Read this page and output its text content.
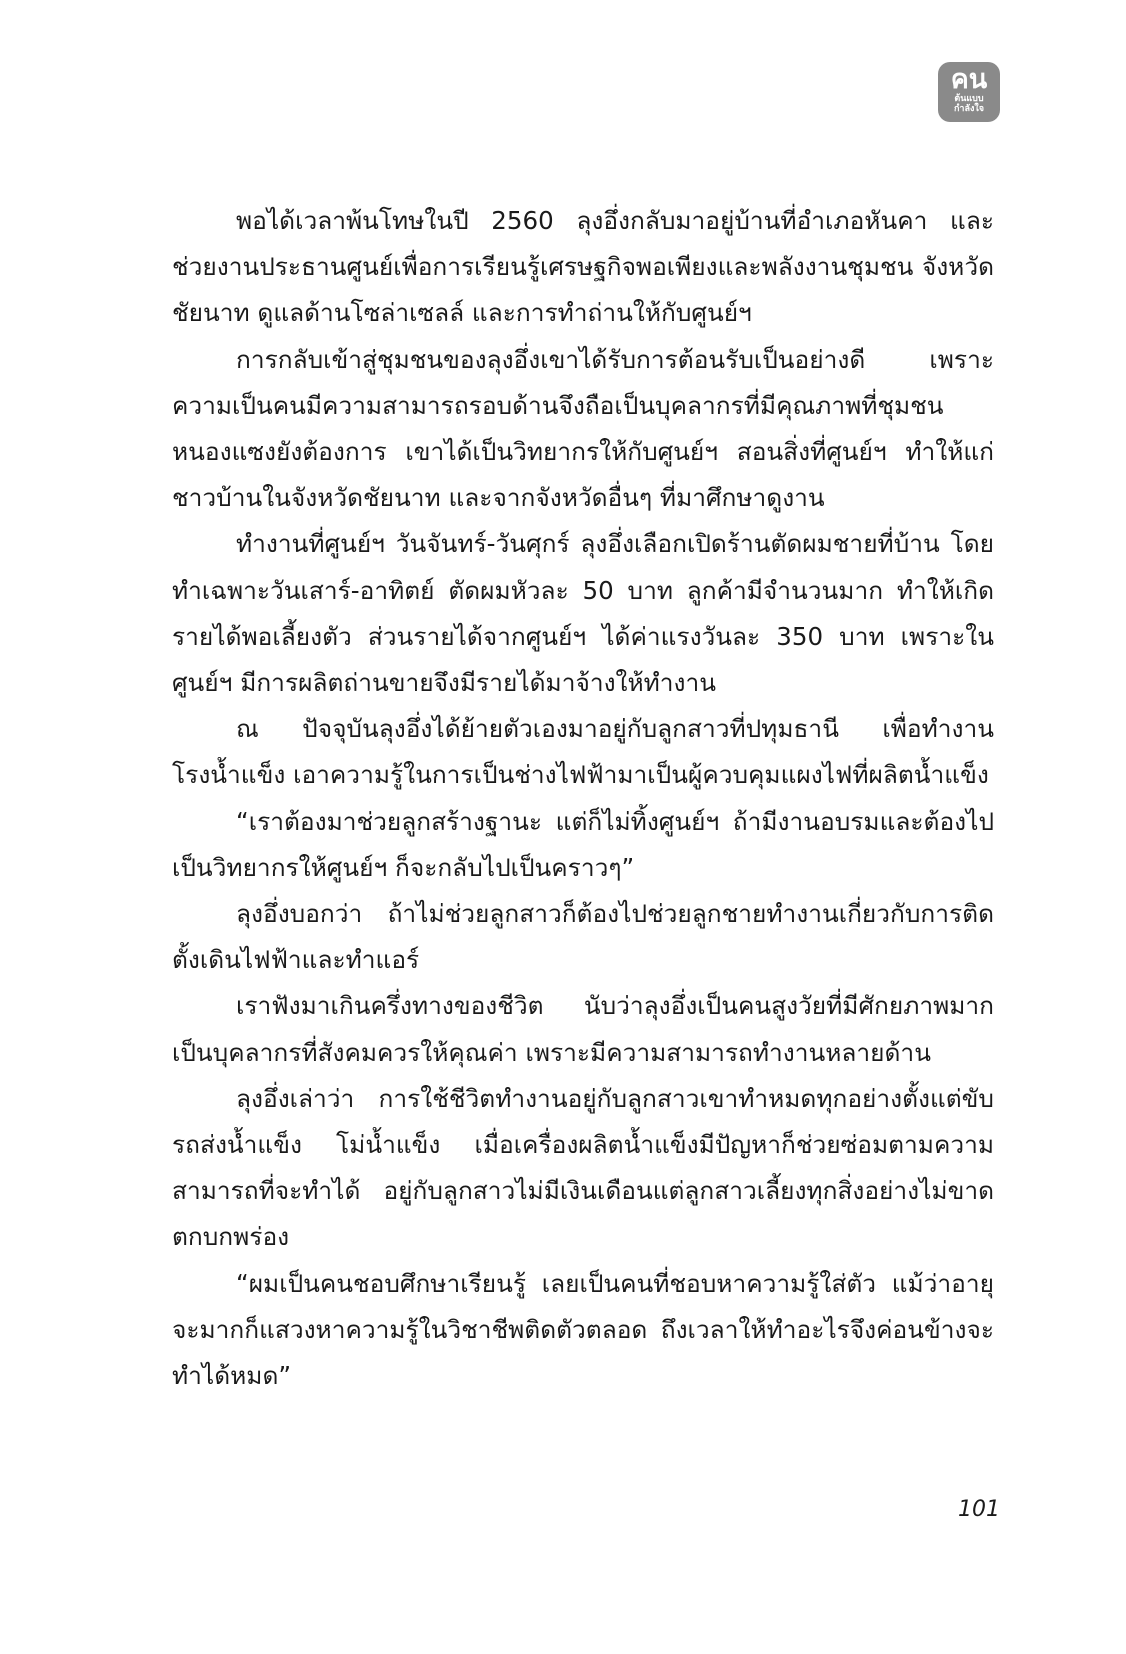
คน
ต้นแบบ
กำลังใจ

พอได้เวลาพ้นโทษในปี 2560 ลุงอึ่งกลับมาอยู่บ้านที่อำเภอหันคา และช่วยงานประธานศูนย์เพื่อการเรียนรู้เศรษฐกิจพอเพียงและพลังงานชุมชน จังหวัดชัยนาท ดูแลด้านโซล่าเซลล์ และการทำถ่านให้กับศูนย์ฯ

การกลับเข้าสู่ชุมชนของลุงอึ่งเขาได้รับการต้อนรับเป็นอย่างดี เพราะความเป็นคนมีความสามารถรอบด้านจึงถือเป็นบุคลากรที่มีคุณภาพที่ชุมชนหนองแซงยังต้องการ เขาได้เป็นวิทยากรให้กับศูนย์ฯ สอนสิ่งที่ศูนย์ฯ ทำให้แก่ชาวบ้านในจังหวัดชัยนาท และจากจังหวัดอื่นๆ ที่มาศึกษาดูงาน

ทำงานที่ศูนย์ฯ วันจันทร์-วันศุกร์ ลุงอึ่งเลือกเปิดร้านตัดผมชายที่บ้าน โดยทำเฉพาะวันเสาร์-อาทิตย์ ตัดผมหัวละ 50 บาท ลูกค้ามีจำนวนมาก ทำให้เกิดรายได้พอเลี้ยงตัว ส่วนรายได้จากศูนย์ฯ ได้ค่าแรงวันละ 350 บาท เพราะในศูนย์ฯ มีการผลิตถ่านขายจึงมีรายได้มาจ้างให้ทำงาน

ณ ปัจจุบันลุงอึ่งได้ย้ายตัวเองมาอยู่กับลูกสาวที่ปทุมธานี เพื่อทำงานโรงน้ำแข็ง เอาความรู้ในการเป็นช่างไฟฟ้ามาเป็นผู้ควบคุมแผงไฟที่ผลิตน้ำแข็ง

“เราต้องมาช่วยลูกสร้างฐานะ แต่ก็ไม่ทิ้งศูนย์ฯ ถ้ามีงานอบรมและต้องไปเป็นวิทยากรให้ศูนย์ฯ ก็จะกลับไปเป็นคราวๆ”

ลุงอึ่งบอกว่า ถ้าไม่ช่วยลูกสาวก็ต้องไปช่วยลูกชายทำงานเกี่ยวกับการติดตั้งเดินไฟฟ้าและทำแอร์

เราฟังมาเกินครึ่งทางของชีวิต นับว่าลุงอึ่งเป็นคนสูงวัยที่มีศักยภาพมาก เป็นบุคลากรที่สังคมควรให้คุณค่า เพราะมีความสามารถทำงานหลายด้าน

ลุงอึ่งเล่าว่า การใช้ชีวิตทำงานอยู่กับลูกสาวเขาทำหมดทุกอย่างตั้งแต่ขับรถส่งน้ำแข็ง โม่น้ำแข็ง เมื่อเครื่องผลิตน้ำแข็งมีปัญหาก็ช่วยซ่อมตามความสามารถที่จะทำได้ อยู่กับลูกสาวไม่มีเงินเดือนแต่ลูกสาวเลี้ยงทุกสิ่งอย่างไม่ขาดตกบกพร่อง

“ผมเป็นคนชอบศึกษาเรียนรู้ เลยเป็นคนที่ชอบหาความรู้ใส่ตัว แม้ว่าอายุจะมากก็แสวงหาความรู้ในวิชาชีพติดตัวตลอด ถึงเวลาให้ทำอะไรจึงค่อนข้างจะทำได้หมด”

101
